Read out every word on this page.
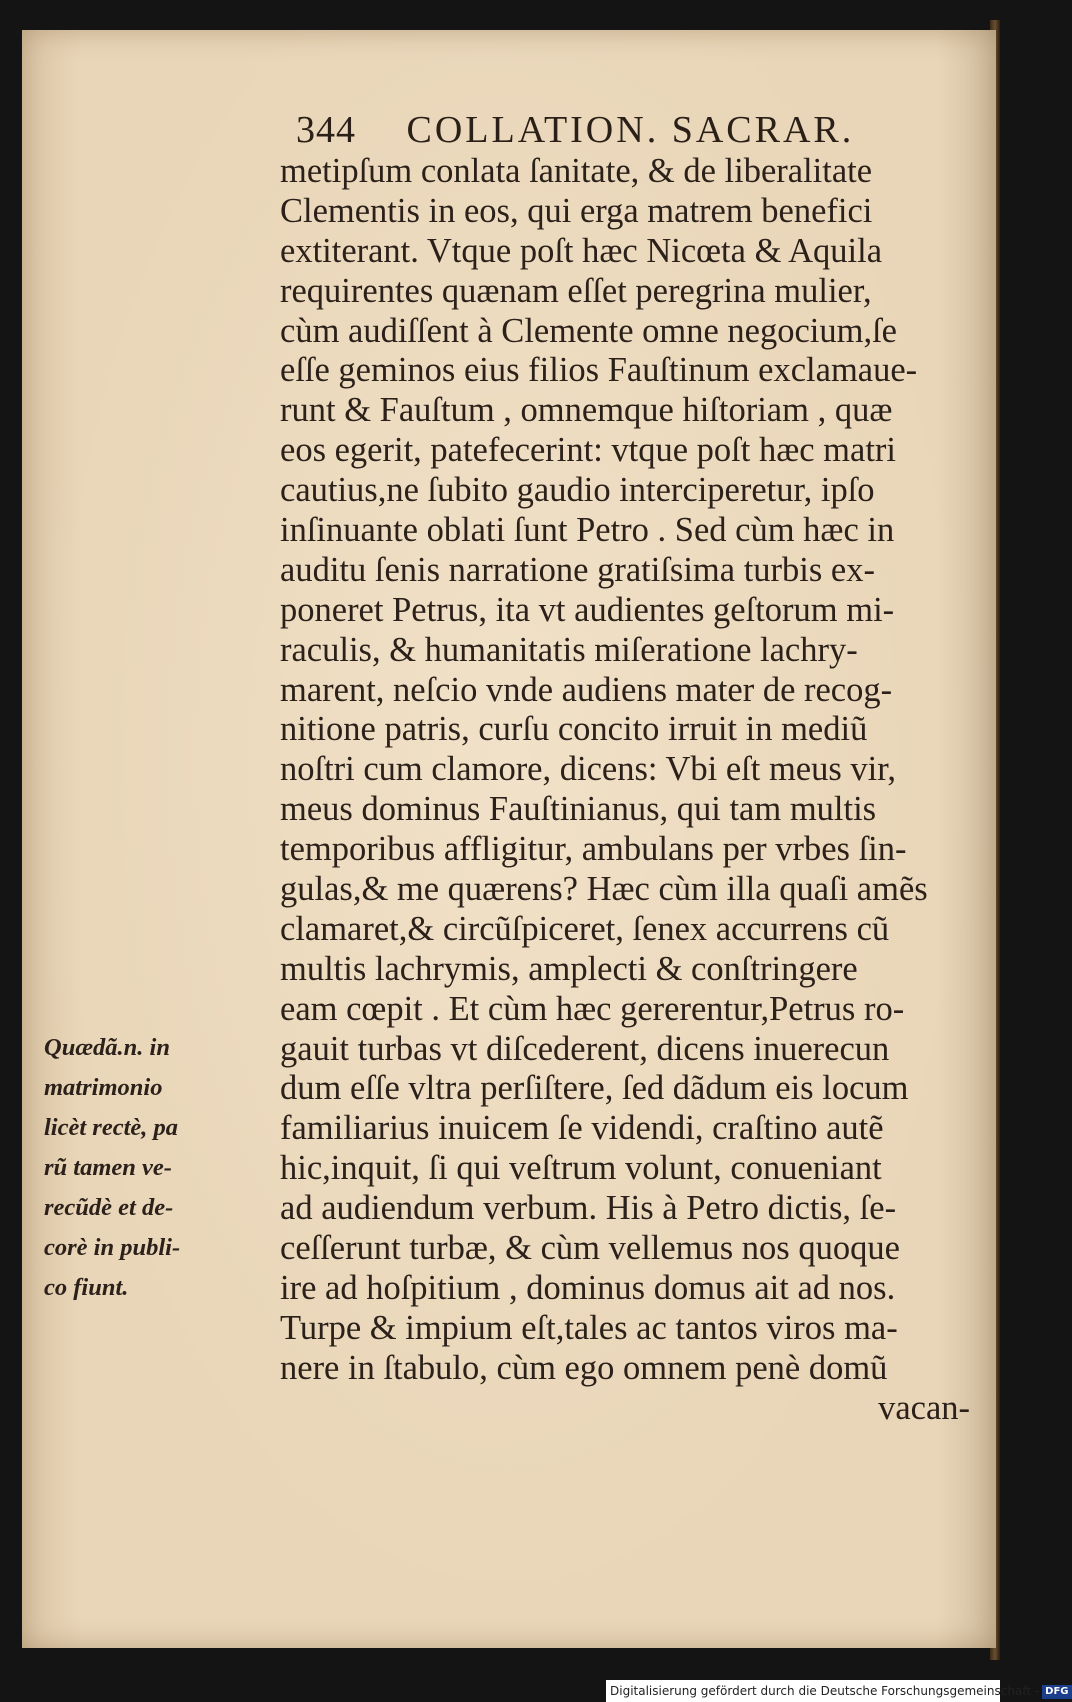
344 COLLATION. SACRAR.
metipſum conlata ſanitate, & de liberalitate
Clementis in eos, qui erga matrem benefici
extiterant. Vtque poſt hæc Nicœta & Aquila
requirentes quænam eſſet peregrina mulier,
cùm audiſſent à Clemente omne negocium,ſe
eſſe geminos eius filios Fauſtinum exclamaue-
runt & Fauſtum , omnemque hiſtoriam , quæ
eos egerit, patefecerint: vtque poſt hæc matri
cautius,ne ſubito gaudio interciperetur, ipſo
inſinuante oblati ſunt Petro . Sed cùm hæc in
auditu ſenis narratione gratiſsima turbis ex-
poneret Petrus, ita vt audientes geſtorum mi-
raculis, & humanitatis miſeratione lachry-
marent, neſcio vnde audiens mater de recog-
nitione patris, curſu concito irruit in mediũ
noſtri cum clamore, dicens: Vbi eſt meus vir,
meus dominus Fauſtinianus, qui tam multis
temporibus affligitur, ambulans per vrbes ſin-
gulas,& me quærens? Hæc cùm illa quaſi amẽs
clamaret,& circũſpiceret, ſenex accurrens cũ
multis lachrymis, amplecti & conſtringere
eam cœpit . Et cùm hæc gererentur,Petrus ro-
gauit turbas vt diſcederent, dicens inuerecun
dum eſſe vltra perſiſtere, ſed dãdum eis locum
familiarius inuicem ſe videndi, craſtino autẽ
hic,inquit, ſi qui veſtrum volunt, conueniant
ad audiendum verbum. His à Petro dictis, ſe-
ceſſerunt turbæ, & cùm vellemus nos quoque
ire ad hoſpitium , dominus domus ait ad nos.
Turpe & impium eſt,tales ac tantos viros ma-
nere in ſtabulo, cùm ego omnem penè domũ
vacan-
Quædã.n. in
matrimonio
licèt rectè, pa
rũ tamen ve-
recũdè et de-
corè in publi-
co fiunt.
Digitalisierung gefördert durch die Deutsche Forschungsgemeinschaft - DFG
